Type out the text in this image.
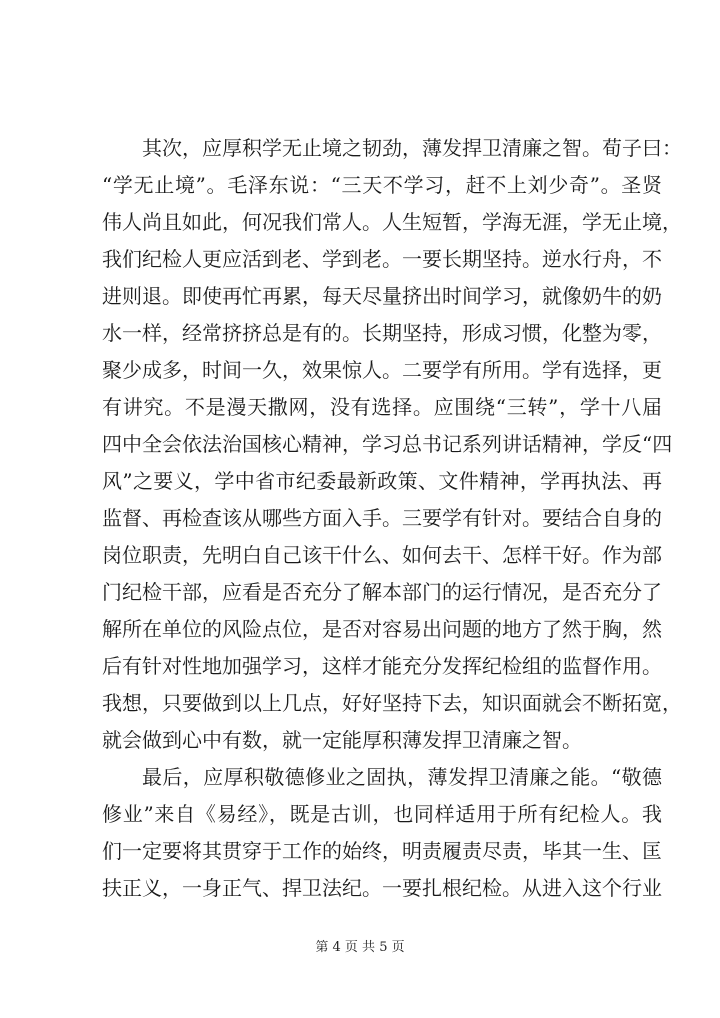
其次，应厚积学无止境之韧劲，薄发捍卫清廉之智。荀子曰：
“学无止境”。毛泽东说：“三天不学习，赶不上刘少奇”。圣贤
伟人尚且如此，何况我们常人。人生短暂，学海无涯，学无止境，
我们纪检人更应活到老、学到老。一要长期坚持。逆水行舟，不
进则退。即使再忙再累，每天尽量挤出时间学习，就像奶牛的奶
水一样，经常挤挤总是有的。长期坚持，形成习惯，化整为零，
聚少成多，时间一久，效果惊人。二要学有所用。学有选择，更
有讲究。不是漫天撒网，没有选择。应围绕“三转”，学十八届
四中全会依法治国核心精神，学习总书记系列讲话精神，学反“四
风”之要义，学中省市纪委最新政策、文件精神，学再执法、再
监督、再检查该从哪些方面入手。三要学有针对。要结合自身的
岗位职责，先明白自己该干什么、如何去干、怎样干好。作为部
门纪检干部，应看是否充分了解本部门的运行情况，是否充分了
解所在单位的风险点位，是否对容易出问题的地方了然于胸，然
后有针对性地加强学习，这样才能充分发挥纪检组的监督作用。
我想，只要做到以上几点，好好坚持下去，知识面就会不断拓宽，
就会做到心中有数，就一定能厚积薄发捍卫清廉之智。
最后，应厚积敬德修业之固执，薄发捍卫清廉之能。“敬德
修业”来自《易经》，既是古训，也同样适用于所有纪检人。我
们一定要将其贯穿于工作的始终，明责履责尽责，毕其一生、匡
扶正义，一身正气、捍卫法纪。一要扎根纪检。从进入这个行业
第 4 页 共 5 页
